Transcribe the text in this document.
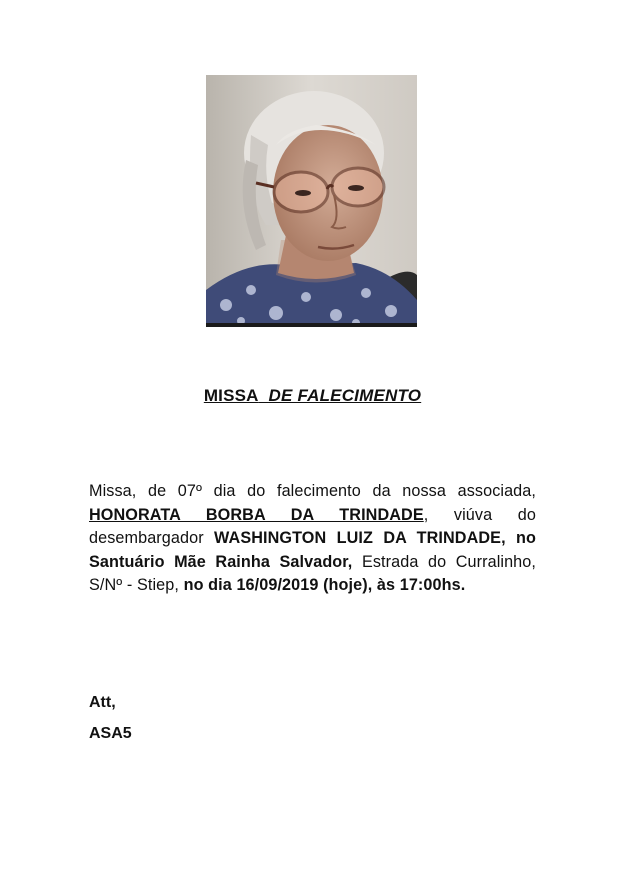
MISSA DE FALECIMENTO
Missa, de 07º dia do falecimento da nossa associada, HONORATA BORBA DA TRINDADE, viúva do desembargador WASHINGTON LUIZ DA TRINDADE, no Santuário Mãe Rainha Salvador, Estrada do Curralinho, S/Nº - Stiep, no dia 16/09/2019 (hoje), às 17:00hs.
Att,
ASA5
